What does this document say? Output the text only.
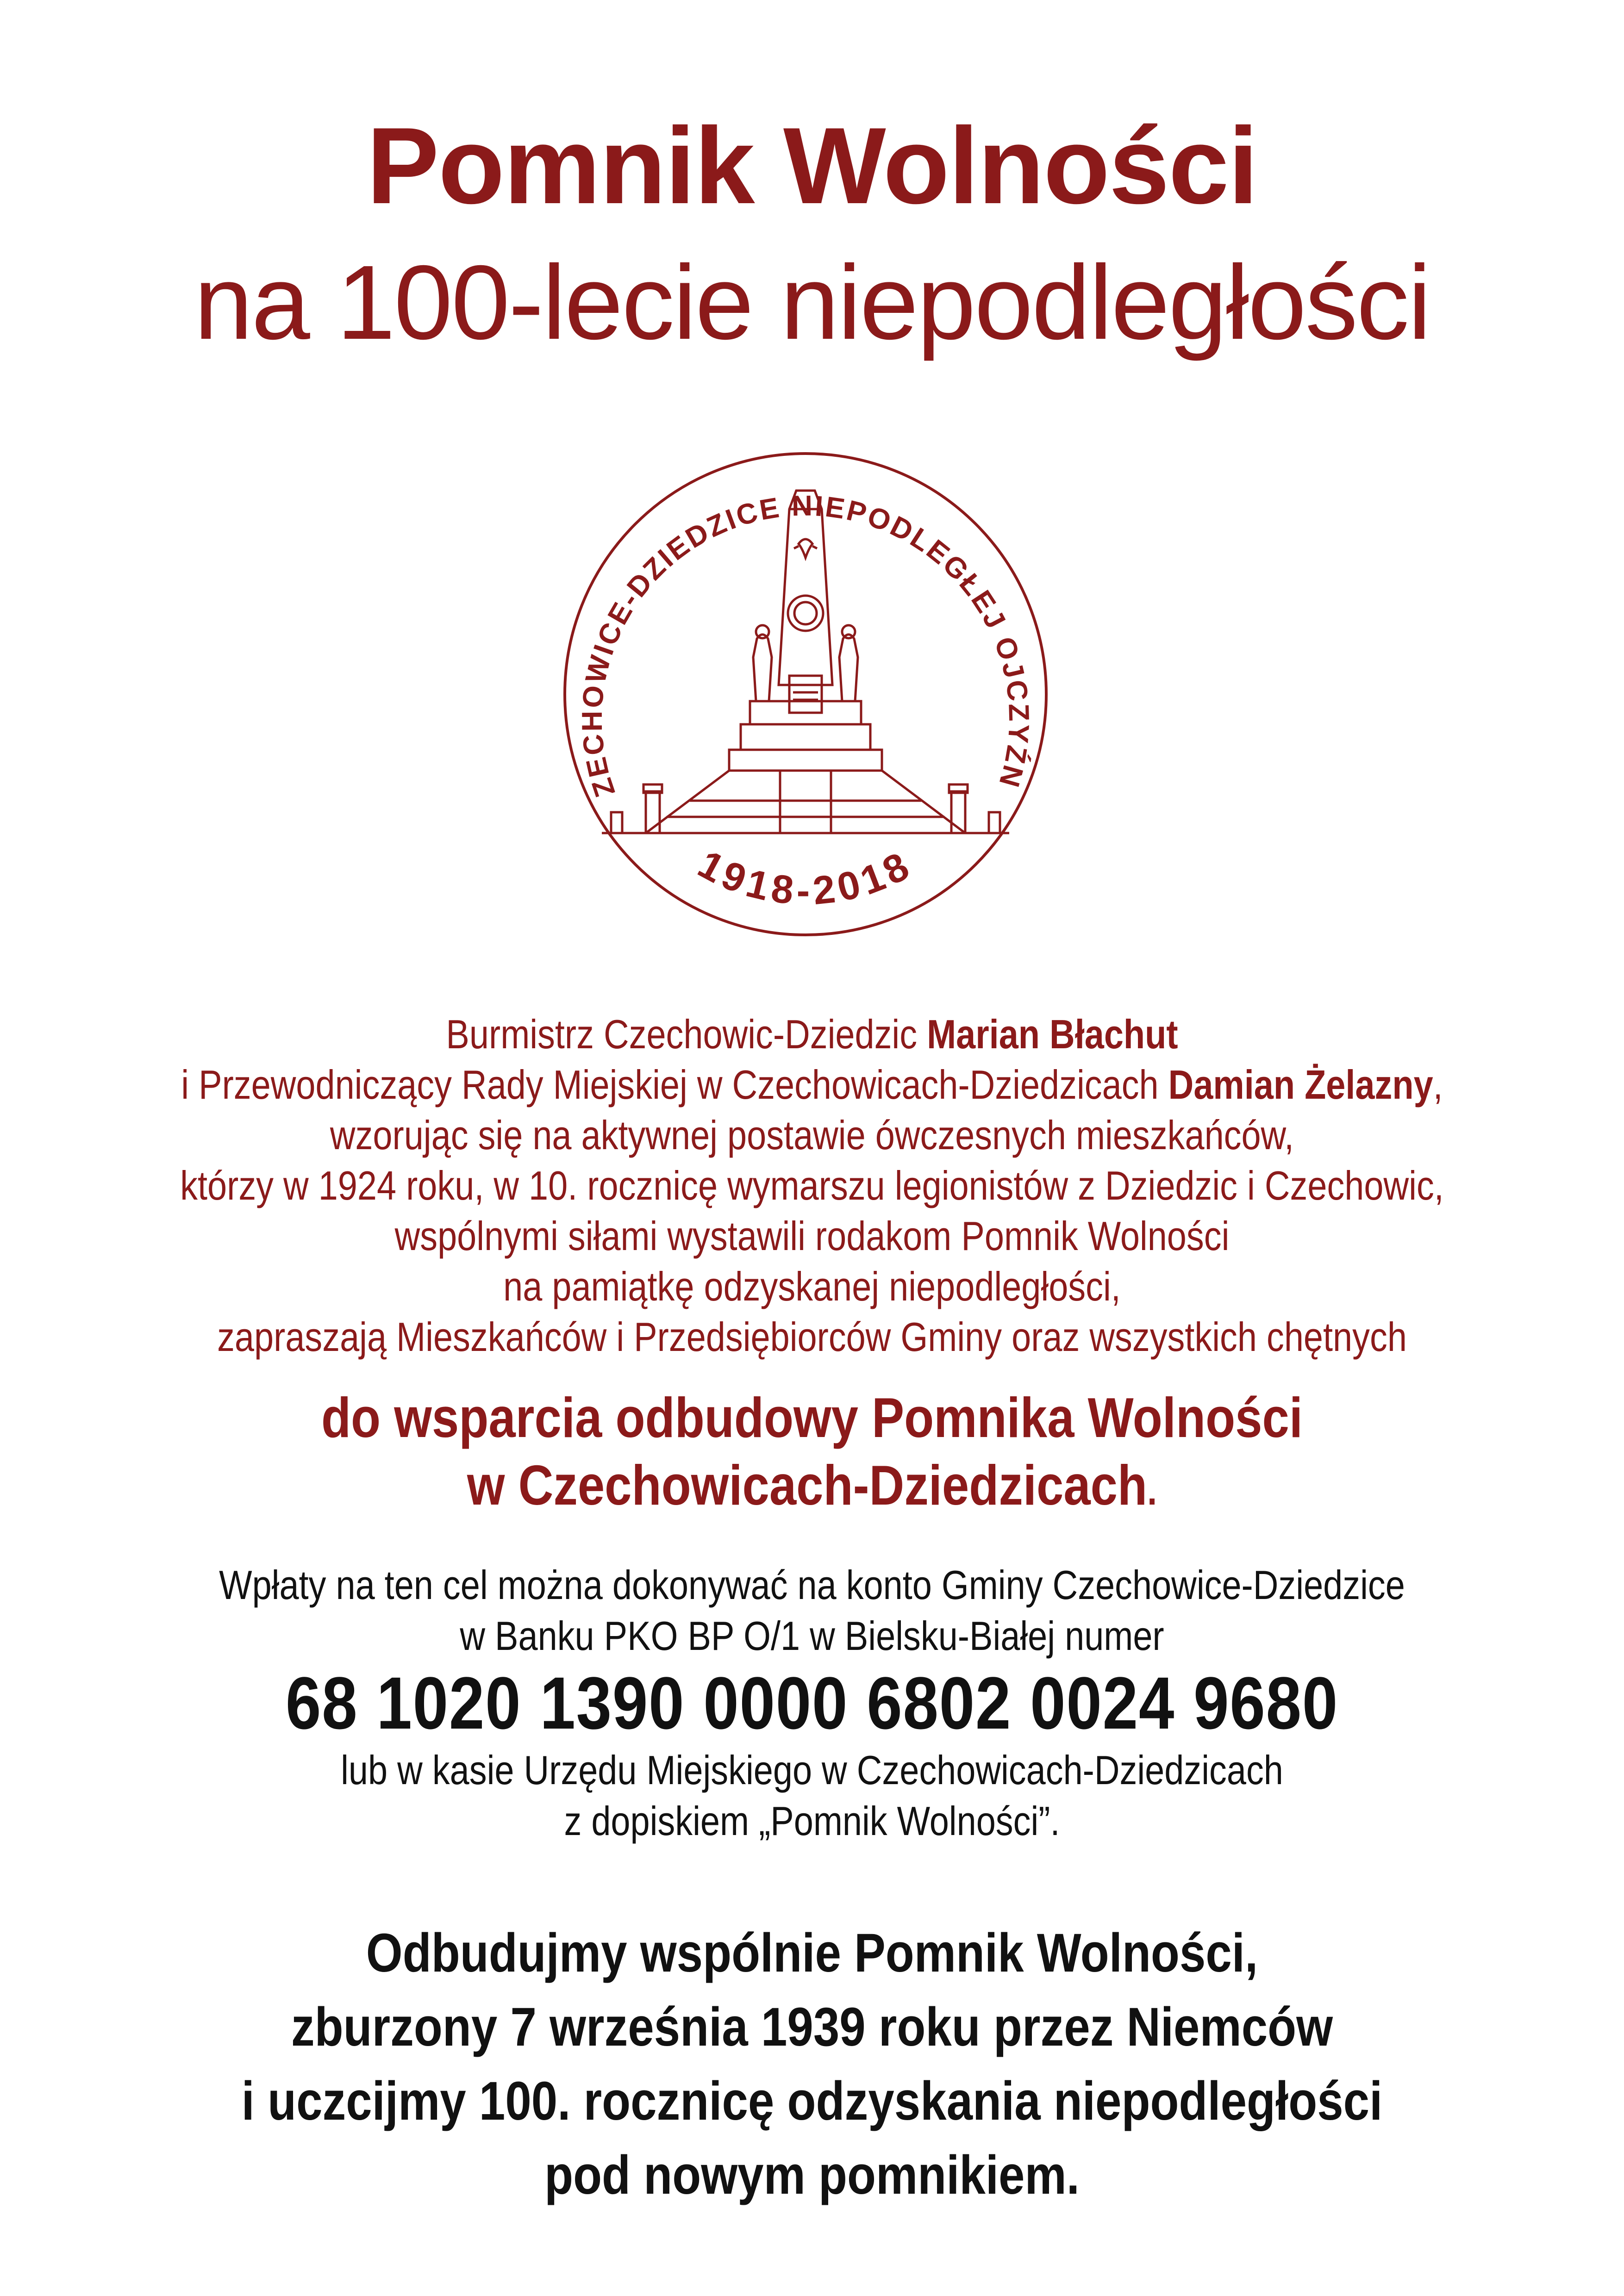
Pomnik Wolności
na 100-lecie niepodległości
ZECHOWICE-DZIEDZICE NIEPODLEGŁEJ OJCZYŹN
1918-2018
Burmistrz Czechowic-Dziedzic Marian Błachut
i Przewodniczący Rady Miejskiej w Czechowicach-Dziedzicach Damian Żelazny,
wzorując się na aktywnej postawie ówczesnych mieszkańców,
którzy w 1924 roku, w 10. rocznicę wymarszu legionistów z Dziedzic i Czechowic,
wspólnymi siłami wystawili rodakom Pomnik Wolności
na pamiątkę odzyskanej niepodległości,
zapraszają Mieszkańców i Przedsiębiorców Gminy oraz wszystkich chętnych
do wsparcia odbudowy Pomnika Wolności
w Czechowicach-Dziedzicach.
Wpłaty na ten cel można dokonywać na konto Gminy Czechowice-Dziedzice
w Banku PKO BP O/1 w Bielsku-Białej numer
68 1020 1390 0000 6802 0024 9680
lub w kasie Urzędu Miejskiego w Czechowicach-Dziedzicach
z dopiskiem „Pomnik Wolności”.
Odbudujmy wspólnie Pomnik Wolności,
zburzony 7 września 1939 roku przez Niemców
i uczcijmy 100. rocznicę odzyskania niepodległości
pod nowym pomnikiem.
